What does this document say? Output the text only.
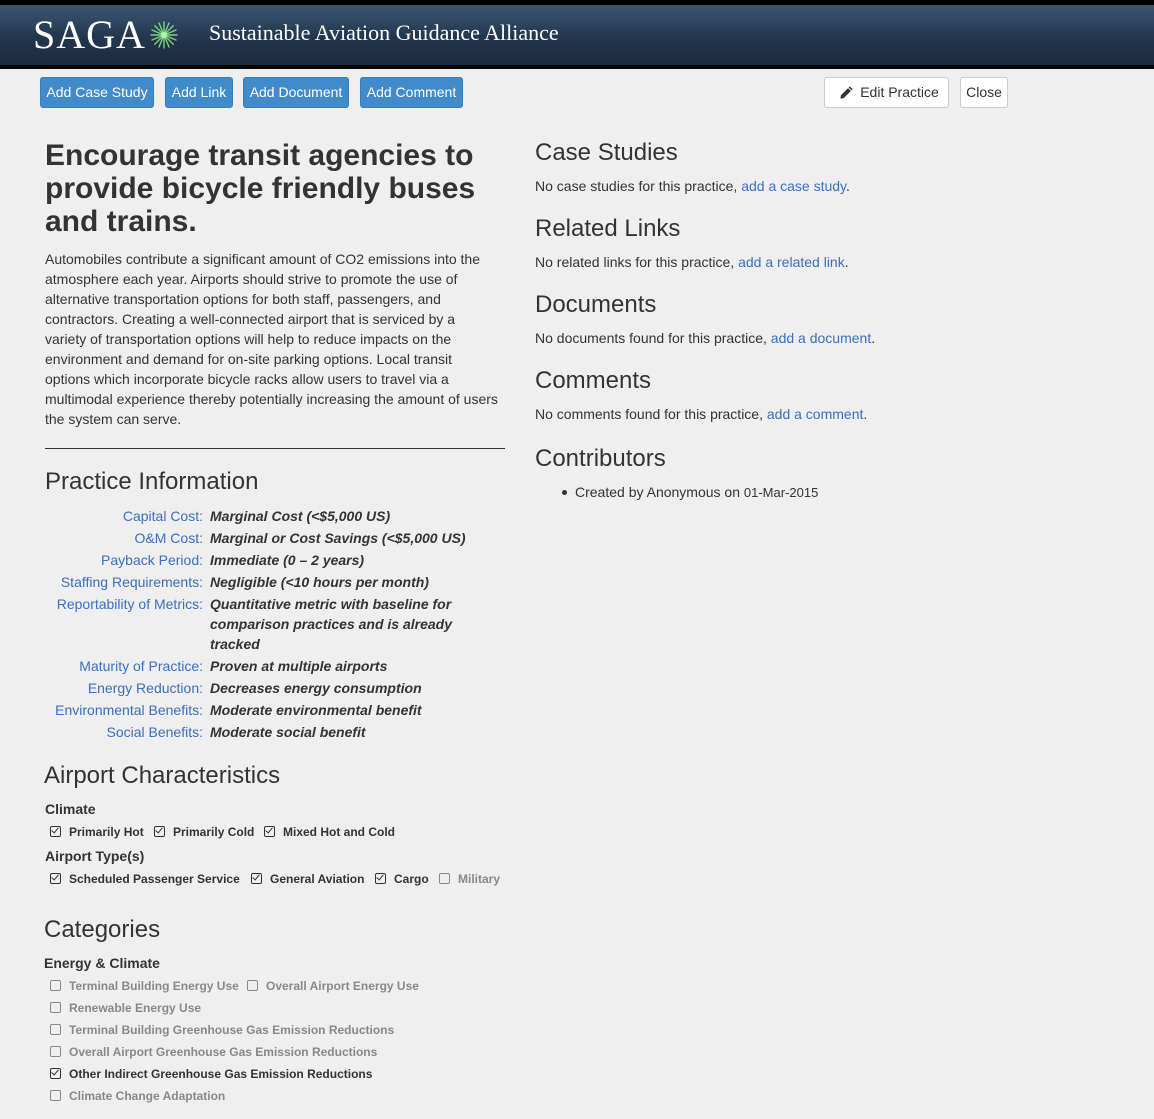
SAGA	Sustainable Aviation Guidance Alliance
Add Case Study	Add Link	Add Document	Add Comment	Edit Practice	Close
Encourage transit agencies to provide bicycle friendly buses and trains.

Automobiles contribute a significant amount of CO2 emissions into the atmosphere each year. Airports should strive to promote the use of alternative transportation options for both staff, passengers, and contractors. Creating a well-connected airport that is serviced by a variety of transportation options will help to reduce impacts on the environment and demand for on-site parking options. Local transit options which incorporate bicycle racks allow users to travel via a multimodal experience thereby potentially increasing the amount of users the system can serve.

Practice Information
Capital Cost: Marginal Cost (<$5,000 US)
O&M Cost: Marginal or Cost Savings (<$5,000 US)
Payback Period: Immediate (0 – 2 years)
Staffing Requirements: Negligible (<10 hours per month)
Reportability of Metrics: Quantitative metric with baseline for comparison practices and is already tracked
Maturity of Practice: Proven at multiple airports
Energy Reduction: Decreases energy consumption
Environmental Benefits: Moderate environmental benefit
Social Benefits: Moderate social benefit
Airport Characteristics
Climate
Primarily Hot	Primarily Cold	Mixed Hot and Cold
Airport Type(s)
Scheduled Passenger Service	General Aviation	Cargo	Military
Categories
Energy & Climate
Terminal Building Energy Use	Overall Airport Energy Use
Renewable Energy Use
Terminal Building Greenhouse Gas Emission Reductions
Overall Airport Greenhouse Gas Emission Reductions
Other Indirect Greenhouse Gas Emission Reductions
Climate Change Adaptation
Case Studies
No case studies for this practice, add a case study.
Related Links
No related links for this practice, add a related link.
Documents
No documents found for this practice, add a document.
Comments
No comments found for this practice, add a comment.
Contributors
Created by Anonymous on 01-Mar-2015
